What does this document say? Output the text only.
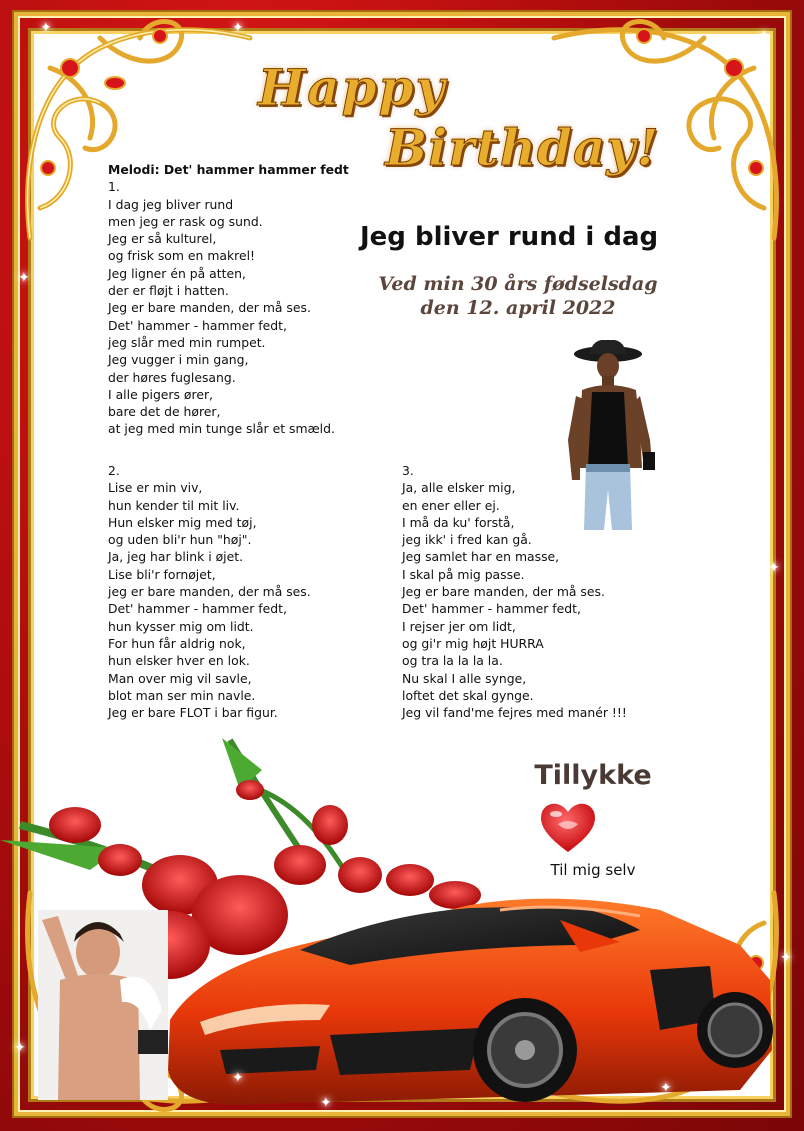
Happy
Birthday!
Melodi: Det' hammer hammer fedt
1.
I dag jeg bliver rund
men jeg er rask og sund.
Jeg er så kulturel,
og frisk som en makrel!
Jeg ligner én på atten,
der er fløjt i hatten.
Jeg er bare manden, der må ses.
Det' hammer - hammer fedt,
jeg slår med min rumpet.
Jeg vugger i min gang,
der høres fuglesang.
I alle pigers ører,
bare det de hører,
at jeg med min tunge slår et smæld.
Jeg bliver rund i dag
Ved min 30 års fødselsdag
den 12. april 2022
2.
Lise er min viv,
hun kender til mit liv.
Hun elsker mig med tøj,
og uden bli'r hun "høj".
Ja, jeg har blink i øjet.
Lise bli'r fornøjet,
jeg er bare manden, der må ses.
Det' hammer - hammer fedt,
hun kysser mig om lidt.
For hun får aldrig nok,
hun elsker hver en lok.
Man over mig vil savle,
blot man ser min navle.
Jeg er bare FLOT i bar figur.
3.
Ja, alle elsker mig,
en ener eller ej.
I må da ku' forstå,
jeg ikk' i fred kan gå.
Jeg samlet har en masse,
I skal på mig passe.
Jeg er bare manden, der må ses.
Det' hammer - hammer fedt,
I rejser jer om lidt,
og gi'r mig højt HURRA
og tra la la la la.
Nu skal I alle synge,
loftet det skal gynge.
Jeg vil fand'me fejres med manér !!!
Tillykke
Til mig selv
✦	✦	✦
✦
✦
✦
✦
✦
✦
✦
